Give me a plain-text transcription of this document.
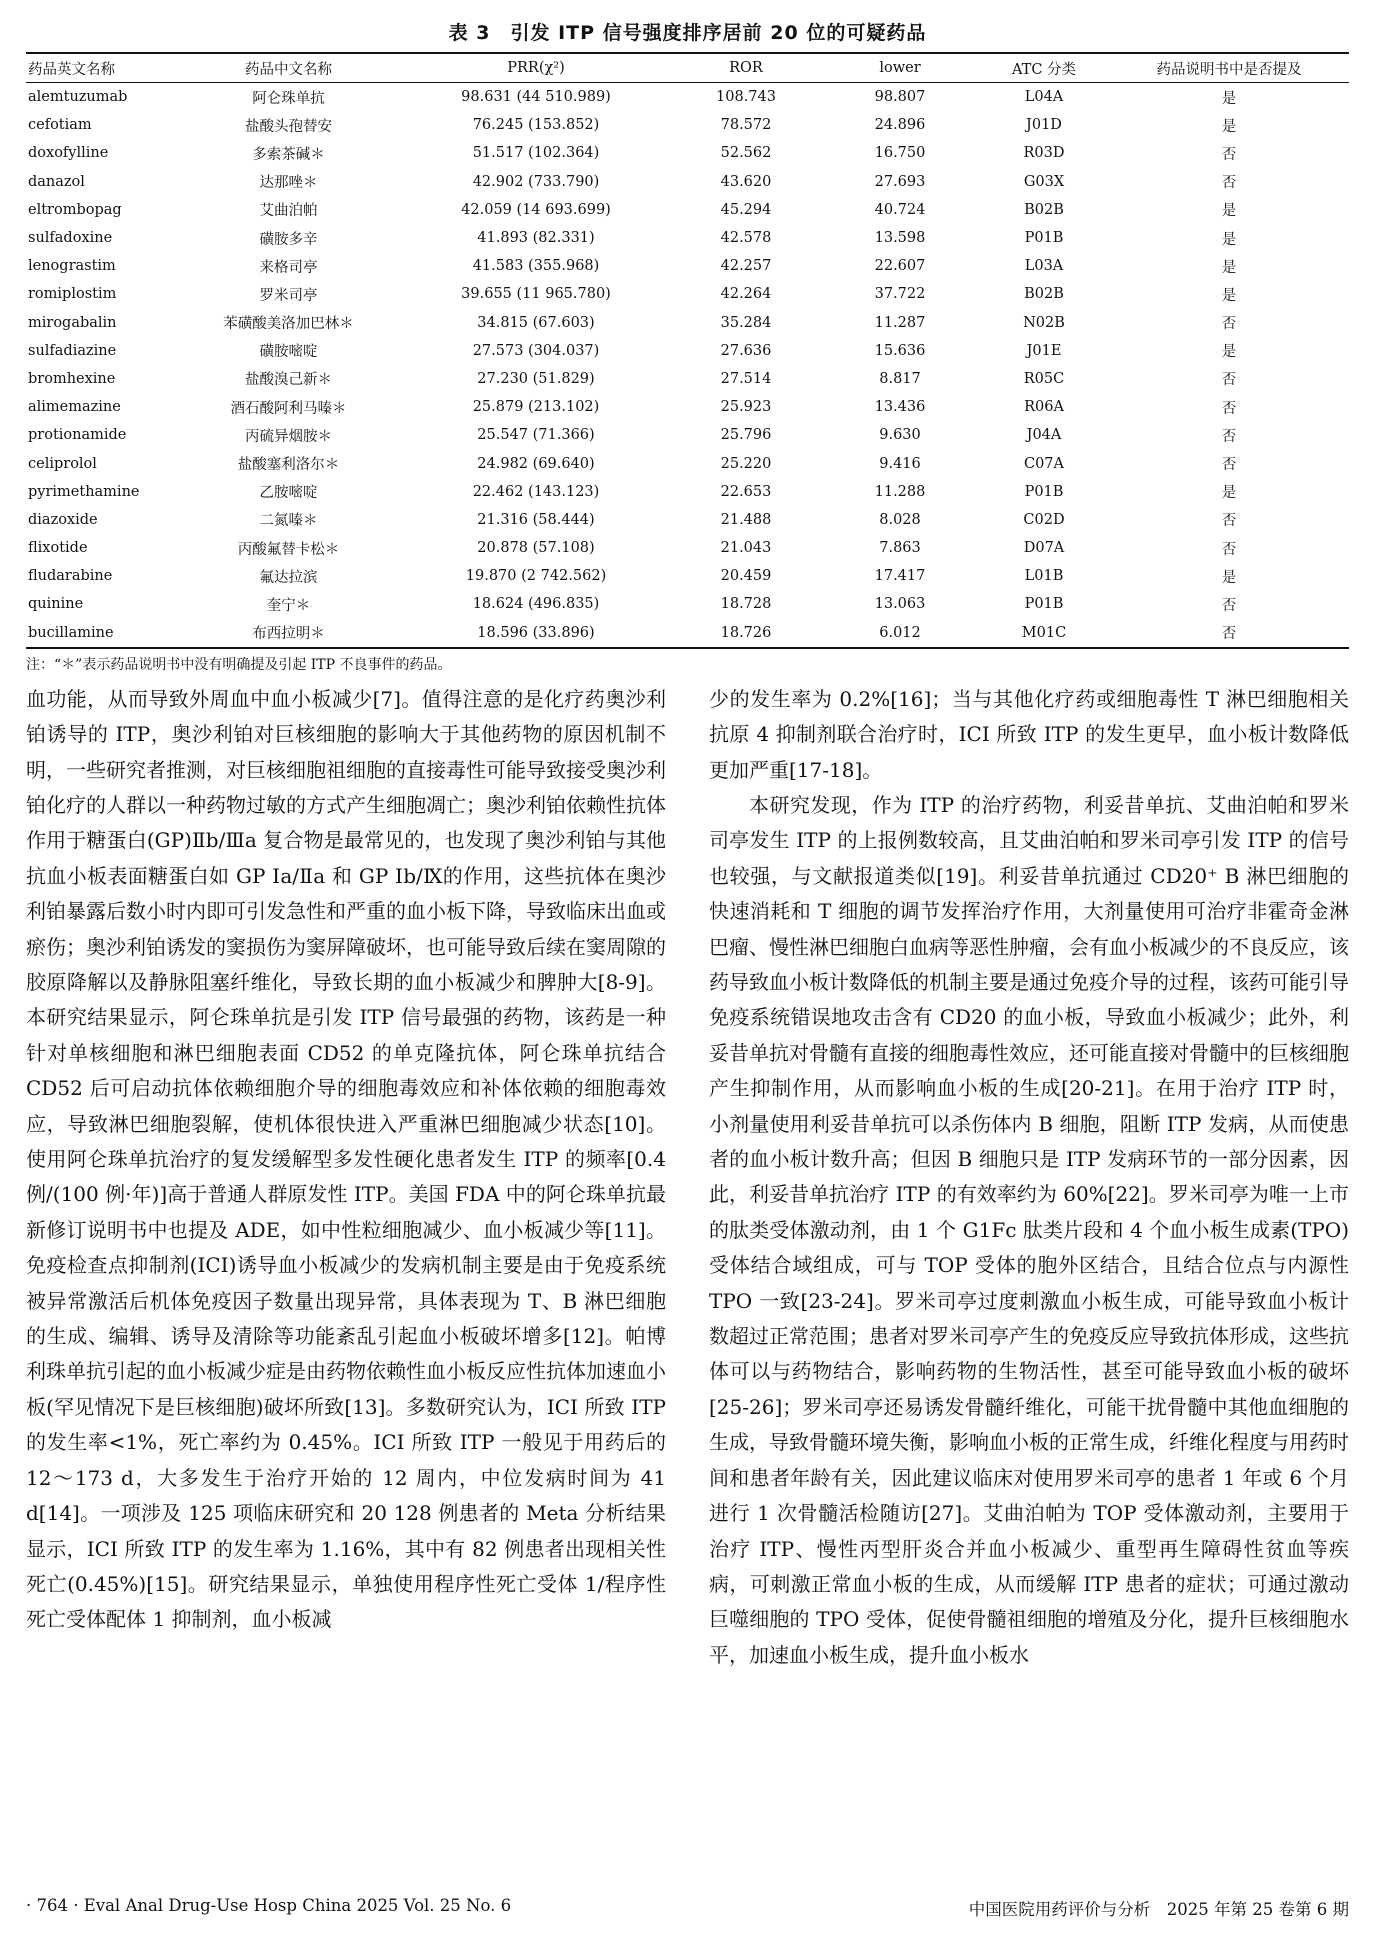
表 3　引发 ITP 信号强度排序居前 20 位的可疑药品
药品英文名称	药品中文名称	PRR(χ²)	ROR	lower	ATC 分类	药品说明书中是否提及
alemtuzumab	阿仑珠单抗	98.631 (44 510.989)	108.743	98.807	L04A	是
cefotiam	盐酸头孢替安	76.245 (153.852)	78.572	24.896	J01D	是
doxofylline	多索茶碱＊	51.517 (102.364)	52.562	16.750	R03D	否
danazol	达那唑＊	42.902 (733.790)	43.620	27.693	G03X	否
eltrombopag	艾曲泊帕	42.059 (14 693.699)	45.294	40.724	B02B	是
sulfadoxine	磺胺多辛	41.893 (82.331)	42.578	13.598	P01B	是
lenograstim	来格司亭	41.583 (355.968)	42.257	22.607	L03A	是
romiplostim	罗米司亭	39.655 (11 965.780)	42.264	37.722	B02B	是
mirogabalin	苯磺酸美洛加巴林＊	34.815 (67.603)	35.284	11.287	N02B	否
sulfadiazine	磺胺嘧啶	27.573 (304.037)	27.636	15.636	J01E	是
bromhexine	盐酸溴己新＊	27.230 (51.829)	27.514	8.817	R05C	否
alimemazine	酒石酸阿利马嗪＊	25.879 (213.102)	25.923	13.436	R06A	否
protionamide	丙硫异烟胺＊	25.547 (71.366)	25.796	9.630	J04A	否
celiprolol	盐酸塞利洛尔＊	24.982 (69.640)	25.220	9.416	C07A	否
pyrimethamine	乙胺嘧啶	22.462 (143.123)	22.653	11.288	P01B	是
diazoxide	二氮嗪＊	21.316 (58.444)	21.488	8.028	C02D	否
flixotide	丙酸氟替卡松＊	20.878 (57.108)	21.043	7.863	D07A	否
fludarabine	氟达拉滨	19.870 (2 742.562)	20.459	17.417	L01B	是
quinine	奎宁＊	18.624 (496.835)	18.728	13.063	P01B	否
bucillamine	布西拉明＊	18.596 (33.896)	18.726	6.012	M01C	否
注：“＊”表示药品说明书中没有明确提及引起 ITP 不良事件的药品。

血功能，从而导致外周血中血小板减少[7]。值得注意的是化疗药奥沙利铂诱导的 ITP，奥沙利铂对巨核细胞的影响大于其他药物的原因机制不明，一些研究者推测，对巨核细胞祖细胞的直接毒性可能导致接受奥沙利铂化疗的人群以一种药物过敏的方式产生细胞凋亡；奥沙利铂依赖性抗体作用于糖蛋白(GP)Ⅱb/Ⅲa 复合物是最常见的，也发现了奥沙利铂与其他抗血小板表面糖蛋白如 GP Ⅰa/Ⅱa 和 GP Ⅰb/Ⅸ的作用，这些抗体在奥沙利铂暴露后数小时内即可引发急性和严重的血小板下降，导致临床出血或瘀伤；奥沙利铂诱发的窦损伤为窦屏障破坏，也可能导致后续在窦周隙的胶原降解以及静脉阻塞纤维化，导致长期的血小板减少和脾肿大[8-9]。本研究结果显示，阿仑珠单抗是引发 ITP 信号最强的药物，该药是一种针对单核细胞和淋巴细胞表面 CD52 的单克隆抗体，阿仑珠单抗结合 CD52 后可启动抗体依赖细胞介导的细胞毒效应和补体依赖的细胞毒效应，导致淋巴细胞裂解，使机体很快进入严重淋巴细胞减少状态[10]。使用阿仑珠单抗治疗的复发缓解型多发性硬化患者发生 ITP 的频率[0.4 例/(100 例·年)]高于普通人群原发性 ITP。美国 FDA 中的阿仑珠单抗最新修订说明书中也提及 ADE，如中性粒细胞减少、血小板减少等[11]。免疫检查点抑制剂(ICI)诱导血小板减少的发病机制主要是由于免疫系统被异常激活后机体免疫因子数量出现异常，具体表现为 T、B 淋巴细胞的生成、编辑、诱导及清除等功能紊乱引起血小板破坏增多[12]。帕博利珠单抗引起的血小板减少症是由药物依赖性血小板反应性抗体加速血小板(罕见情况下是巨核细胞)破坏所致[13]。多数研究认为，ICI 所致 ITP 的发生率<1%，死亡率约为 0.45%。ICI 所致 ITP 一般见于用药后的 12～173 d，大多发生于治疗开始的 12 周内，中位发病时间为 41 d[14]。一项涉及 125 项临床研究和 20 128 例患者的 Meta 分析结果显示，ICI 所致 ITP 的发生率为 1.16%，其中有 82 例患者出现相关性死亡(0.45%)[15]。研究结果显示，单独使用程序性死亡受体 1/程序性死亡受体配体 1 抑制剂，血小板减

少的发生率为 0.2%[16]；当与其他化疗药或细胞毒性 T 淋巴细胞相关抗原 4 抑制剂联合治疗时，ICI 所致 ITP 的发生更早，血小板计数降低更加严重[17-18]。

本研究发现，作为 ITP 的治疗药物，利妥昔单抗、艾曲泊帕和罗米司亭发生 ITP 的上报例数较高，且艾曲泊帕和罗米司亭引发 ITP 的信号也较强，与文献报道类似[19]。利妥昔单抗通过 CD20⁺ B 淋巴细胞的快速消耗和 T 细胞的调节发挥治疗作用，大剂量使用可治疗非霍奇金淋巴瘤、慢性淋巴细胞白血病等恶性肿瘤，会有血小板减少的不良反应，该药导致血小板计数降低的机制主要是通过免疫介导的过程，该药可能引导免疫系统错误地攻击含有 CD20 的血小板，导致血小板减少；此外，利妥昔单抗对骨髓有直接的细胞毒性效应，还可能直接对骨髓中的巨核细胞产生抑制作用，从而影响血小板的生成[20-21]。在用于治疗 ITP 时，小剂量使用利妥昔单抗可以杀伤体内 B 细胞，阻断 ITP 发病，从而使患者的血小板计数升高；但因 B 细胞只是 ITP 发病环节的一部分因素，因此，利妥昔单抗治疗 ITP 的有效率约为 60%[22]。罗米司亭为唯一上市的肽类受体激动剂，由 1 个 G1Fc 肽类片段和 4 个血小板生成素(TPO)受体结合域组成，可与 TOP 受体的胞外区结合，且结合位点与内源性 TPO 一致[23-24]。罗米司亭过度刺激血小板生成，可能导致血小板计数超过正常范围；患者对罗米司亭产生的免疫反应导致抗体形成，这些抗体可以与药物结合，影响药物的生物活性，甚至可能导致血小板的破坏[25-26]；罗米司亭还易诱发骨髓纤维化，可能干扰骨髓中其他血细胞的生成，导致骨髓环境失衡，影响血小板的正常生成，纤维化程度与用药时间和患者年龄有关，因此建议临床对使用罗米司亭的患者 1 年或 6 个月进行 1 次骨髓活检随访[27]。艾曲泊帕为 TOP 受体激动剂，主要用于治疗 ITP、慢性丙型肝炎合并血小板减少、重型再生障碍性贫血等疾病，可刺激正常血小板的生成，从而缓解 ITP 患者的症状；可通过激动巨噬细胞的 TPO 受体，促使骨髓祖细胞的增殖及分化，提升巨核细胞水平，加速血小板生成，提升血小板水

· 764 · Eval Anal Drug-Use Hosp China 2025 Vol. 25 No. 6	中国医院用药评价与分析　2025 年第 25 卷第 6 期
